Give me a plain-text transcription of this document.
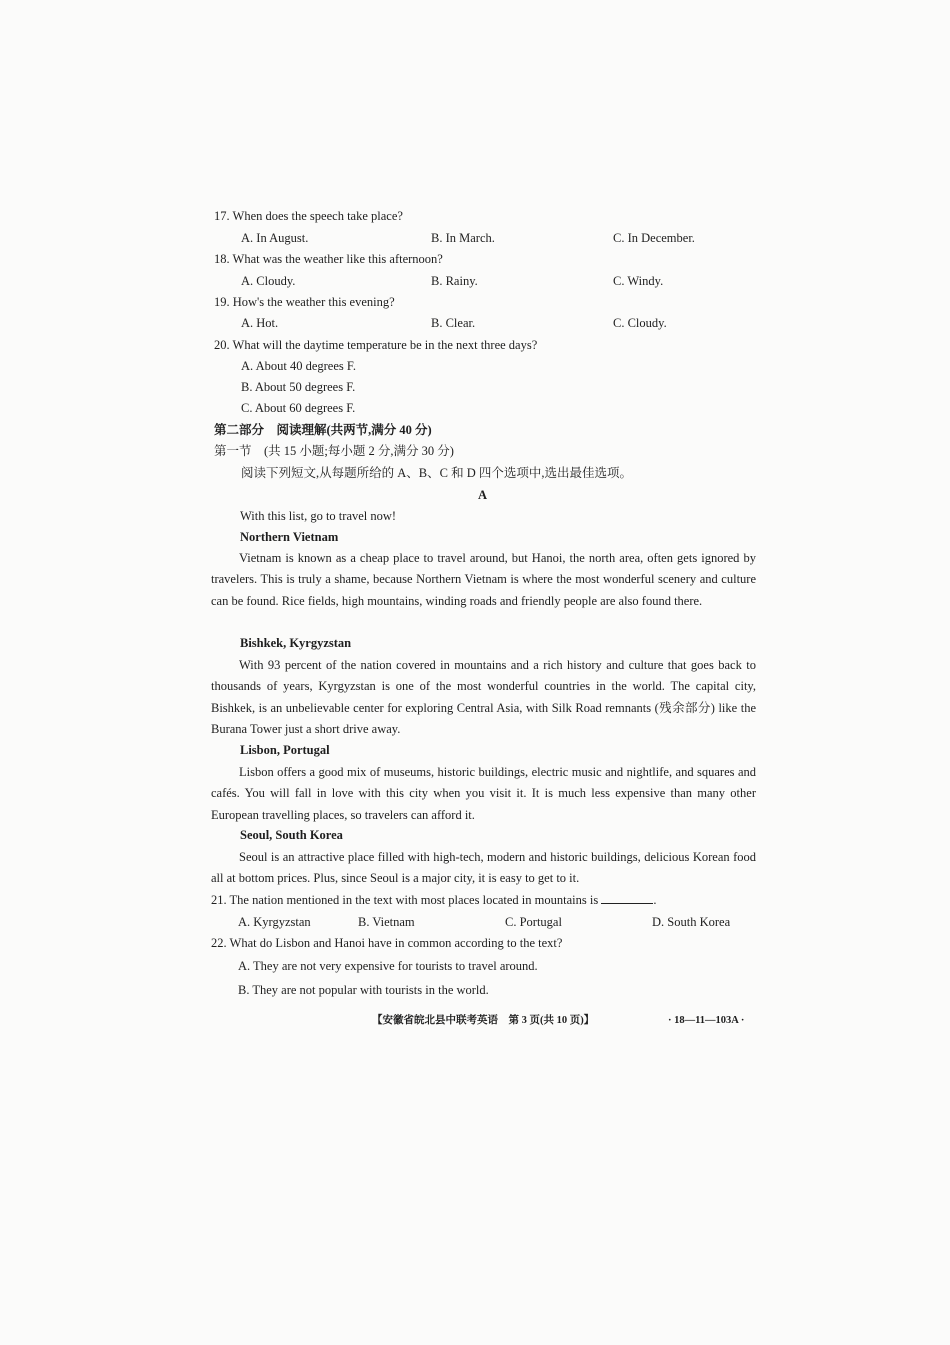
17. When does the speech take place?
A. In August.	B. In March.	C. In December.
18. What was the weather like this afternoon?
A. Cloudy.	B. Rainy.	C. Windy.
19. How's the weather this evening?
A. Hot.	B. Clear.	C. Cloudy.
20. What will the daytime temperature be in the next three days?
A. About 40 degrees F.
B. About 50 degrees F.
C. About 60 degrees F.
第二部分　阅读理解(共两节,满分 40 分)
第一节　(共 15 小题;每小题 2 分,满分 30 分)
阅读下列短文,从每题所给的 A、B、C 和 D 四个选项中,选出最佳选项。
A
With this list, go to travel now!
Northern Vietnam
Vietnam is known as a cheap place to travel around, but Hanoi, the north area, often gets ignored by travelers. This is truly a shame, because Northern Vietnam is where the most wonderful scenery and culture can be found. Rice fields, high mountains, winding roads and friendly people are also found there.
Bishkek, Kyrgyzstan
With 93 percent of the nation covered in mountains and a rich history and culture that goes back to thousands of years, Kyrgyzstan is one of the most wonderful countries in the world. The capital city, Bishkek, is an unbelievable center for exploring Central Asia, with Silk Road remnants (残余部分) like the Burana Tower just a short drive away.
Lisbon, Portugal
Lisbon offers a good mix of museums, historic buildings, electric music and nightlife, and squares and cafés. You will fall in love with this city when you visit it. It is much less expensive than many other European travelling places, so travelers can afford it.
Seoul, South Korea
Seoul is an attractive place filled with high-tech, modern and historic buildings, delicious Korean food all at bottom prices. Plus, since Seoul is a major city, it is easy to get to it.
21. The nation mentioned in the text with most places located in mountains is	.
A. Kyrgyzstan	B. Vietnam	C. Portugal	D. South Korea
22. What do Lisbon and Hanoi have in common according to the text?
A. They are not very expensive for tourists to travel around.
B. They are not popular with tourists in the world.
【安徽省皖北县中联考英语　第 3 页(共 10 页)】	· 18—11—103A ·
